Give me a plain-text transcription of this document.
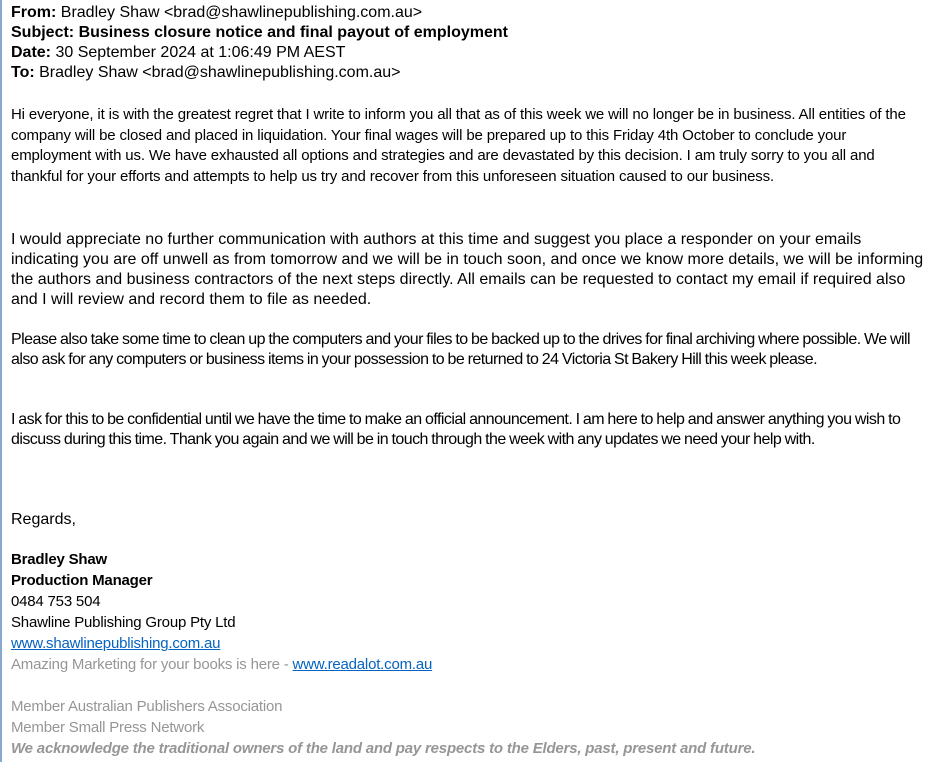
From: Bradley Shaw <brad@shawlinepublishing.com.au>
Subject: Business closure notice and final payout of employment
Date: 30 September 2024 at 1:06:49 PM AEST
To: Bradley Shaw <brad@shawlinepublishing.com.au>
Hi everyone, it is with the greatest regret that I write to inform you all that as of this week we will no longer be in business. All entities of the company will be closed and placed in liquidation. Your final wages will be prepared up to this Friday 4th October to conclude your employment with us. We have exhausted all options and strategies and are devastated by this decision. I am truly sorry to you all and thankful for your efforts and attempts to help us try and recover from this unforeseen situation caused to our business.
I would appreciate no further communication with authors at this time and suggest you place a responder on your emails indicating you are off unwell as from tomorrow and we will be in touch soon, and once we know more details, we will be informing the authors and business contractors of the next steps directly. All emails can be requested to contact my email if required also and I will review and record them to file as needed.
Please also take some time to clean up the computers and your files to be backed up to the drives for final archiving where possible. We will also ask for any computers or business items in your possession to be returned to 24 Victoria St Bakery Hill this week please.
I ask for this to be confidential until we have the time to make an official announcement. I am here to help and answer anything you wish to discuss during this time. Thank you again and we will be in touch through the week with any updates we need your help with.
Regards,
Bradley Shaw
Production Manager
0484 753 504
Shawline Publishing Group Pty Ltd
www.shawlinepublishing.com.au
Amazing Marketing for your books is here - www.readalot.com.au

Member Australian Publishers Association
Member Small Press Network
We acknowledge the traditional owners of the land and pay respects to the Elders, past, present and future.
